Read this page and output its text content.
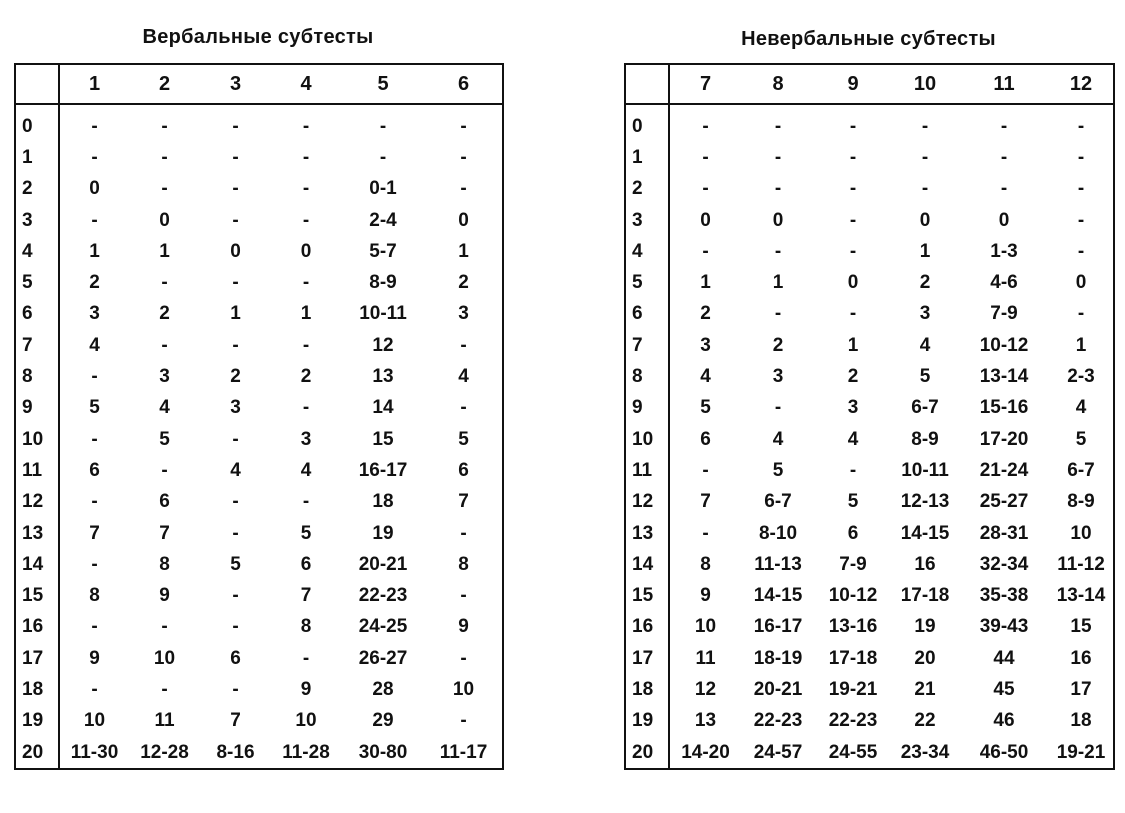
Вербальные субтесты
	1	2	3	4	5	6
0	-	-	-	-	-	-
1	-	-	-	-	-	-
2	0	-	-	-	0-1	-
3	-	0	-	-	2-4	0
4	1	1	0	0	5-7	1
5	2	-	-	-	8-9	2
6	3	2	1	1	10-11	3
7	4	-	-	-	12	-
8	-	3	2	2	13	4
9	5	4	3	-	14	-
10	-	5	-	3	15	5
11	6	-	4	4	16-17	6
12	-	6	-	-	18	7
13	7	7	-	5	19	-
14	-	8	5	6	20-21	8
15	8	9	-	7	22-23	-
16	-	-	-	8	24-25	9
17	9	10	6	-	26-27	-
18	-	-	-	9	28	10
19	10	11	7	10	29	-
20	11-30	12-28	8-16	11-28	30-80	11-17
Невербальные субтесты
	7	8	9	10	11	12
0	-	-	-	-	-	-
1	-	-	-	-	-	-
2	-	-	-	-	-	-
3	0	0	-	0	0	-
4	-	-	-	1	1-3	-
5	1	1	0	2	4-6	0
6	2	-	-	3	7-9	-
7	3	2	1	4	10-12	1
8	4	3	2	5	13-14	2-3
9	5	-	3	6-7	15-16	4
10	6	4	4	8-9	17-20	5
11	-	5	-	10-11	21-24	6-7
12	7	6-7	5	12-13	25-27	8-9
13	-	8-10	6	14-15	28-31	10
14	8	11-13	7-9	16	32-34	11-12
15	9	14-15	10-12	17-18	35-38	13-14
16	10	16-17	13-16	19	39-43	15
17	11	18-19	17-18	20	44	16
18	12	20-21	19-21	21	45	17
19	13	22-23	22-23	22	46	18
20	14-20	24-57	24-55	23-34	46-50	19-21
